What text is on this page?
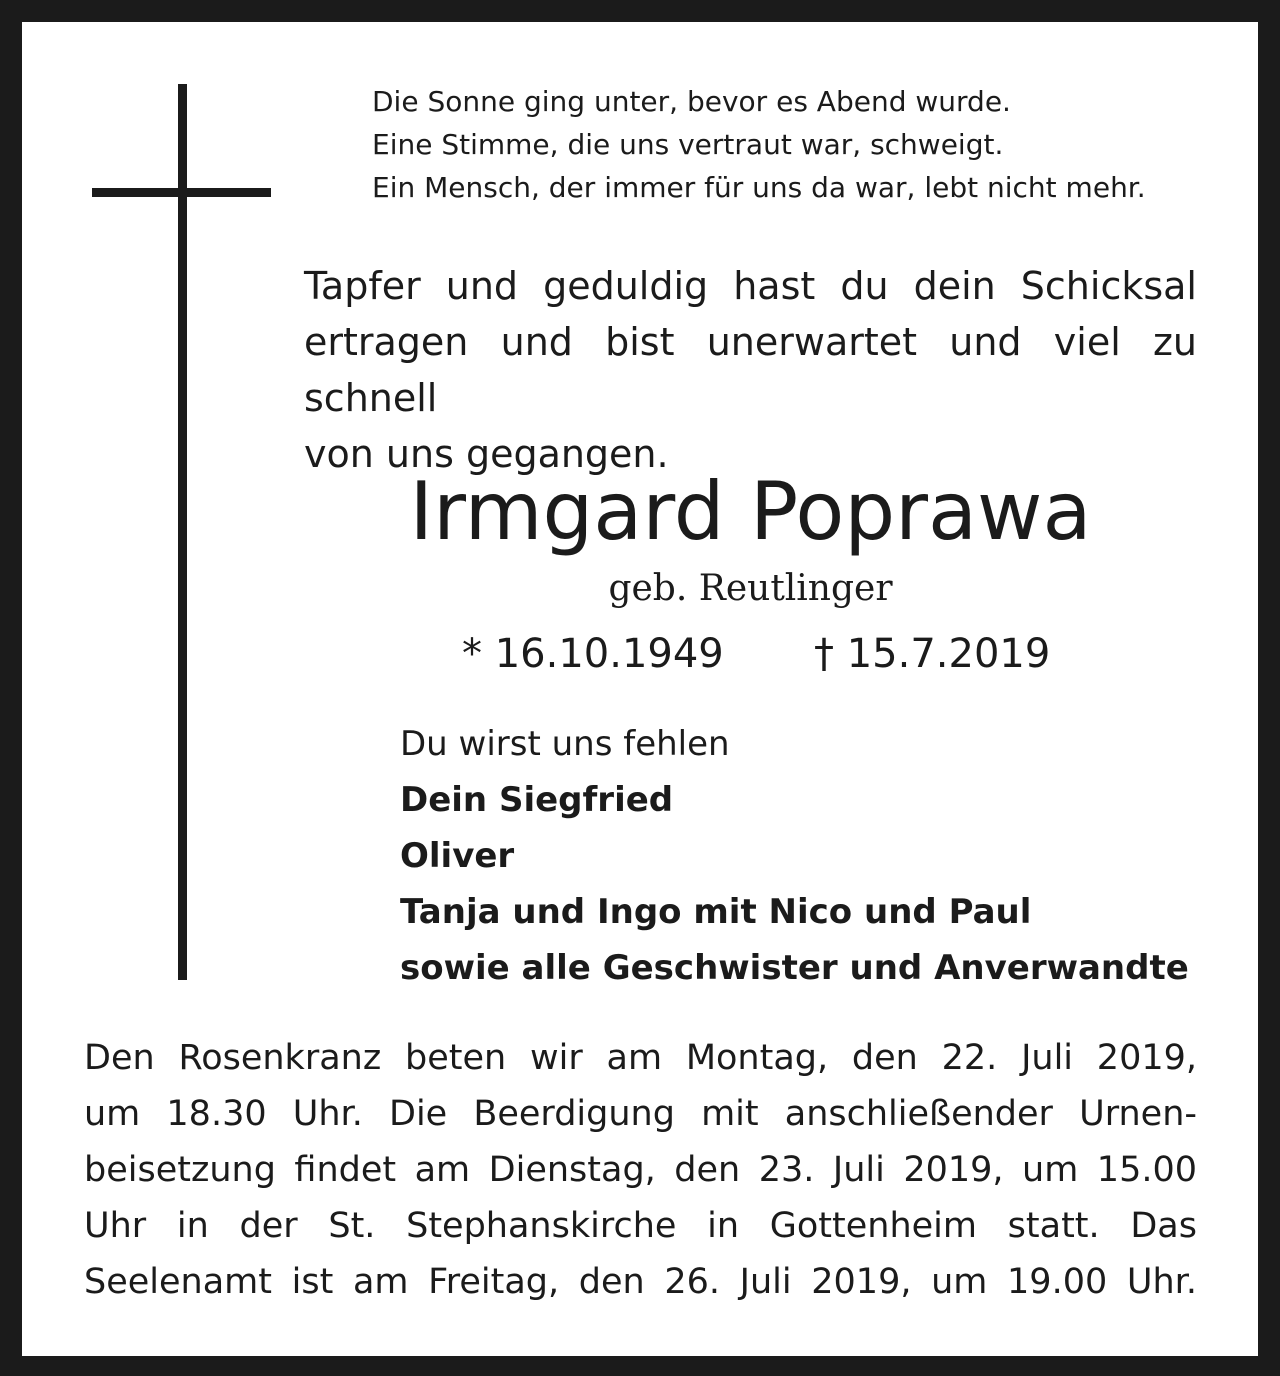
Die Sonne ging unter, bevor es Abend wurde.
Eine Stimme, die uns vertraut war, schweigt.
Ein Mensch, der immer für uns da war, lebt nicht mehr.
Tapfer und geduldig hast du dein Schicksal
ertragen und bist unerwartet und viel zu schnell
von uns gegangen.
Irmgard Poprawa
geb. Reutlinger
* 16.10.1949 † 15.7.2019
Du wirst uns fehlen
Dein Siegfried
Oliver
Tanja und Ingo mit Nico und Paul
sowie alle Geschwister und Anverwandte
Den Rosenkranz beten wir am Montag, den 22. Juli 2019,
um 18.30 Uhr. Die Beerdigung mit anschließender Urnen-
beisetzung findet am Dienstag, den 23. Juli 2019, um 15.00
Uhr in der St. Stephanskirche in Gottenheim statt. Das
Seelenamt ist am Freitag, den 26. Juli 2019, um 19.00 Uhr.
